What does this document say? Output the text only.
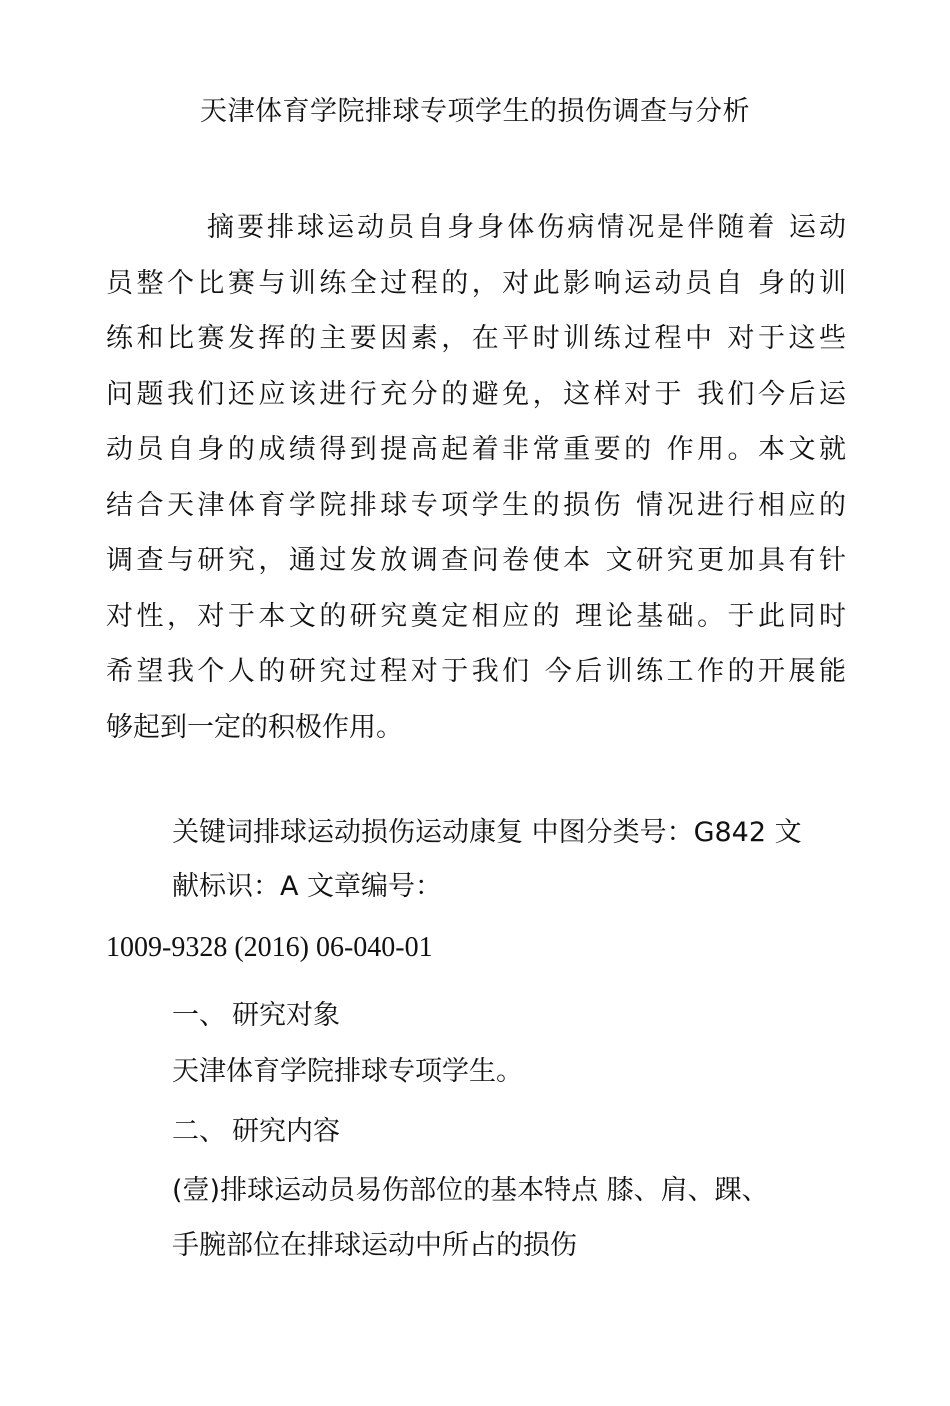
天津体育学院排球专项学生的损伤调查与分析
摘要排球运动员自身身体伤病情况是伴随着 运动
员整个比赛与训练全过程的，对此影响运动员自 身的训
练和比赛发挥的主要因素，在平时训练过程中 对于这些
问题我们还应该进行充分的避免，这样对于 我们今后运
动员自身的成绩得到提高起着非常重要的 作用。本文就
结合天津体育学院排球专项学生的损伤 情况进行相应的
调查与研究，通过发放调查问卷使本 文研究更加具有针
对性，对于本文的研究奠定相应的 理论基础。于此同时
希望我个人的研究过程对于我们 今后训练工作的开展能
够起到一定的积极作用。
关键词排球运动损伤运动康复 中图分类号：G842 文
献标识：A 文章编号：
1009-9328 (2016) 06-040-01
一、 研究对象
天津体育学院排球专项学生。
二、 研究内容
(壹)排球运动员易伤部位的基本特点 膝、肩、踝、
手腕部位在排球运动中所占的损伤
